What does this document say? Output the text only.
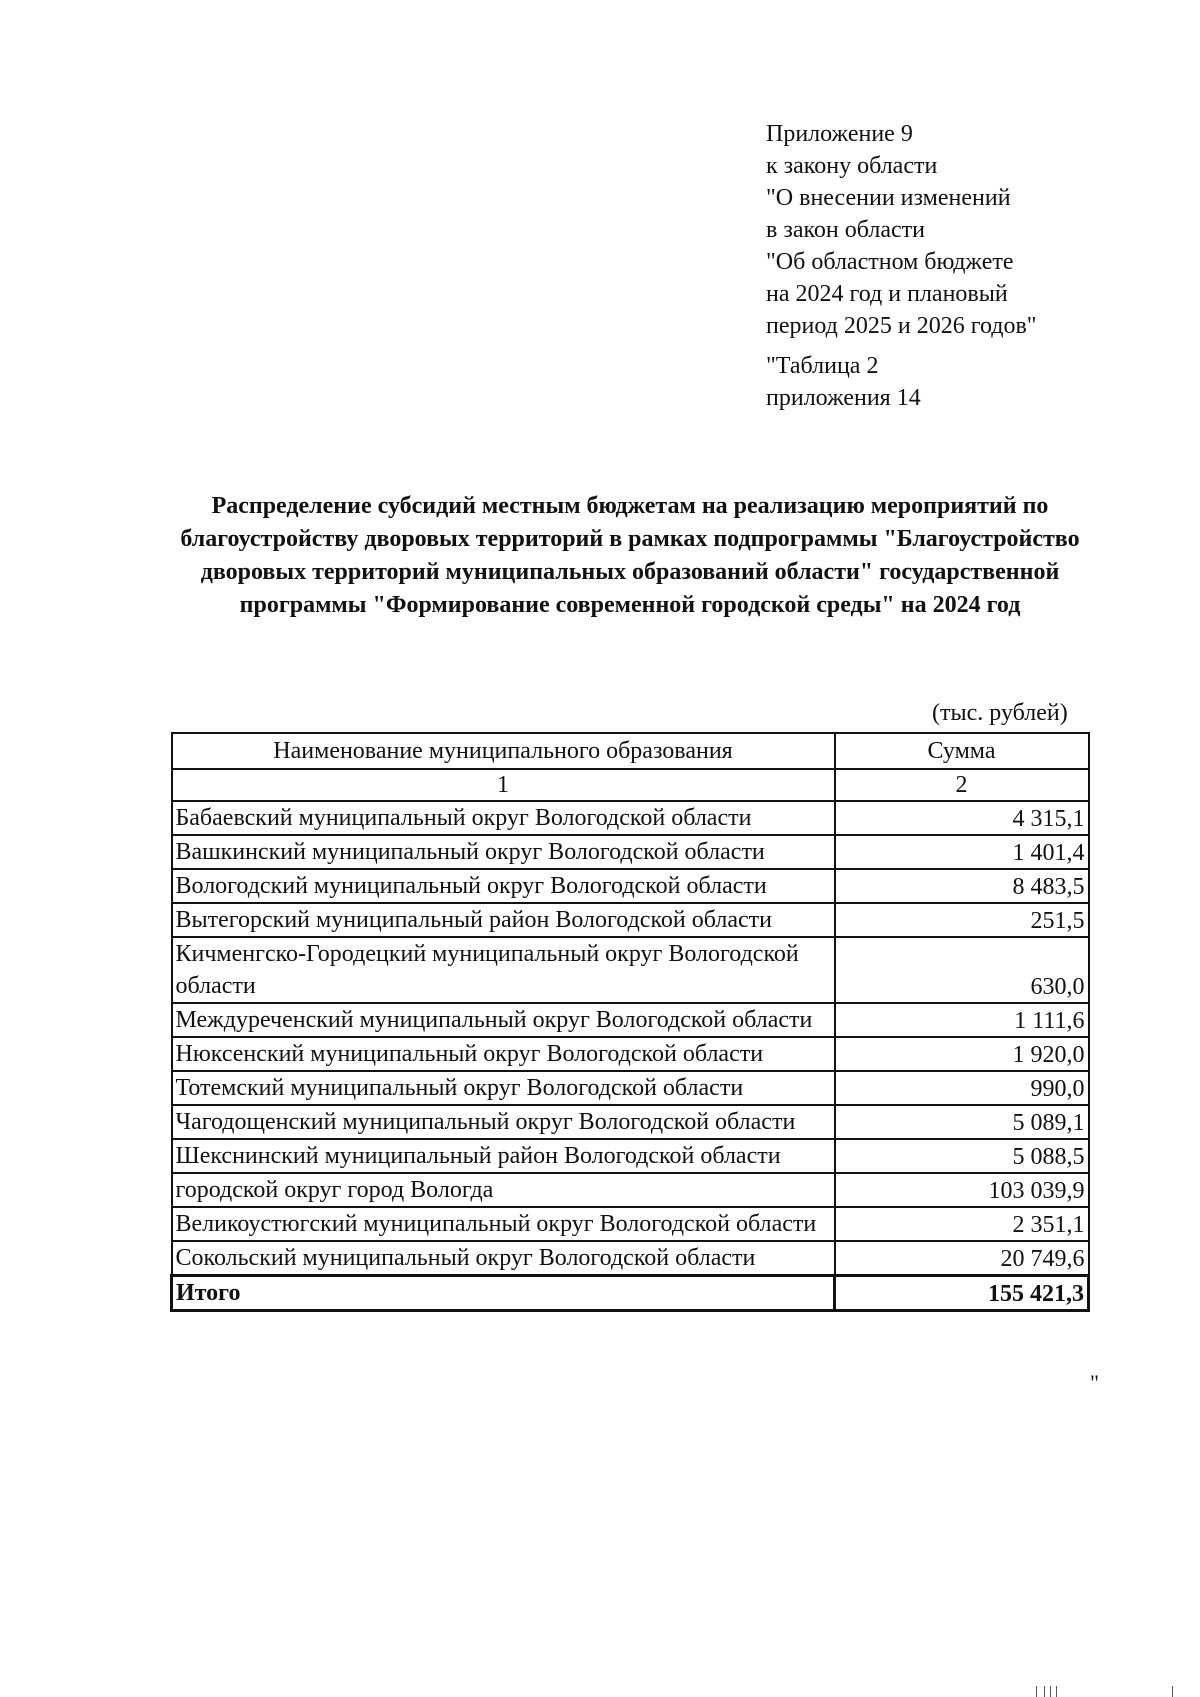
Приложение 9
к закону области
"О внесении изменений
в закон области
"Об областном бюджете
на 2024 год и плановый
период 2025 и 2026 годов"
"Таблица 2
приложения 14
Распределение субсидий местным бюджетам на реализацию мероприятий по благоустройству дворовых территорий в рамках подпрограммы "Благоустройство дворовых территорий муниципальных образований области" государственной программы "Формирование современной городской среды" на 2024 год
(тыс. рублей)
Наименование муниципального образования	Сумма
1	2
Бабаевский муниципальный округ Вологодской области	4 315,1
Вашкинский муниципальный округ Вологодской области	1 401,4
Вологодский муниципальный округ Вологодской области	8 483,5
Вытегорский муниципальный район Вологодской области	251,5
Кичменгско-Городецкий муниципальный округ Вологодской области	630,0
Междуреченский муниципальный округ Вологодской области	1 111,6
Нюксенский муниципальный округ Вологодской области	1 920,0
Тотемский муниципальный округ Вологодской области	990,0
Чагодощенский муниципальный округ Вологодской области	5 089,1
Шекснинский муниципальный район Вологодской области	5 088,5
городской округ город Вологда	103 039,9
Великоустюгский муниципальный округ Вологодской области	2 351,1
Сокольский муниципальный округ Вологодской области	20 749,6
Итого	155 421,3
"
